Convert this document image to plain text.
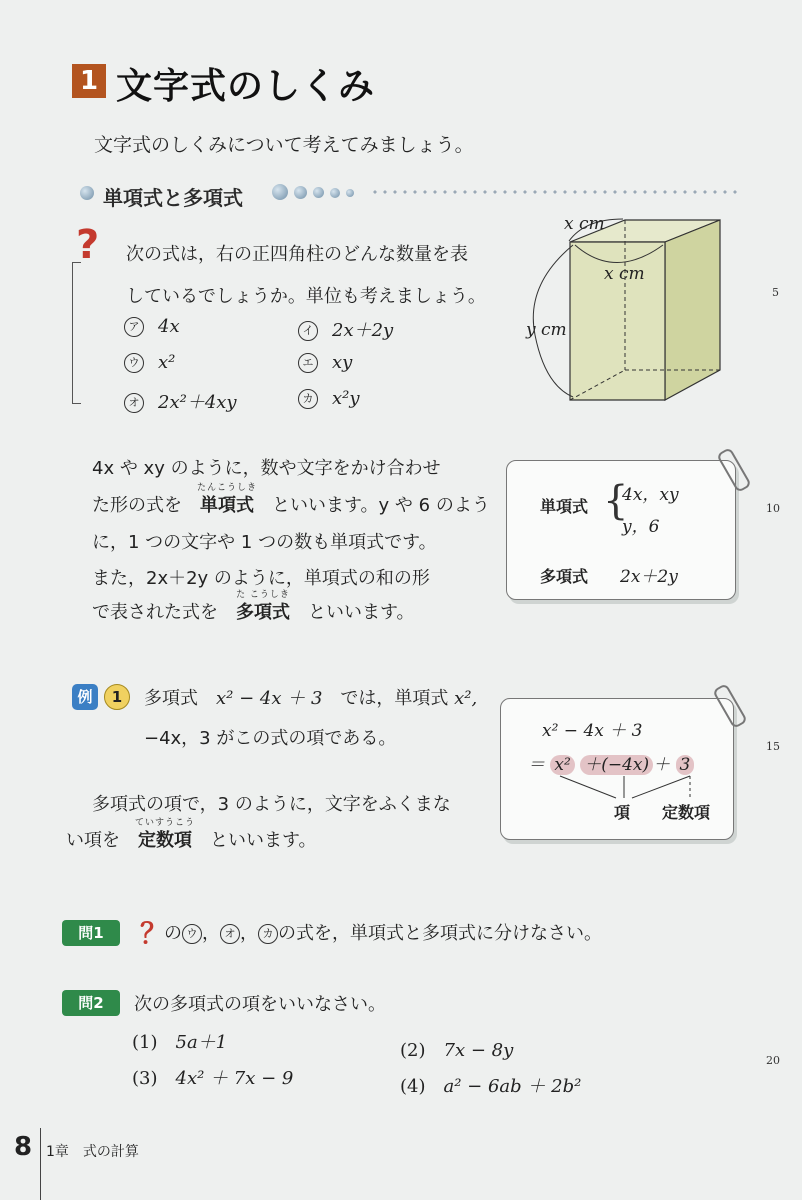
1 文字式のしくみ
文字式のしくみについて考えてみましょう。
単項式と多項式
? 次の式は，右の正四角柱のどんな数量を表
しているでしょうか。単位も考えましょう。
ア 4x	イ 2x＋2y
ウ x²	エ xy
オ 2x²＋4xy	カ x²y
x cm
x cm
y cm
4x や xy のように，数や文字をかけ合わせ
た形の式を　
たんこうしき
単項式　 といいます。y や 6 のよう
に，1 つの文字や 1 つの数も単項式です。
また，2x＋2y のように，単項式の和の形
で表された式を　
た こうしき
多項式　 といいます。
単項式 {
4x，xy
y，6
多項式 2x＋2y
例	1	多項式　 x² − 4x ＋ 3　 では，単項式 x²,
−4x，3 がこの式の項である。	x² − 4x ＋ 3
＝ x² ＋(−4x) ＋ 3
項 定数項
多項式の項で，3 のように，文字をふくまな
い項を　
ていすうこう
定数項　 といいます。
問1	？
の ウ ， オ ， カ の式を，単項式と多項式に分けなさい。
問2	次の多項式の項をいいなさい。
(1)　 5a＋1	(2)　 7x − 8y
(3)　 4x² ＋ 7x − 9	(4)　 a² − 6ab ＋ 2b²
5
10
15
20
8 1章　式の計算
